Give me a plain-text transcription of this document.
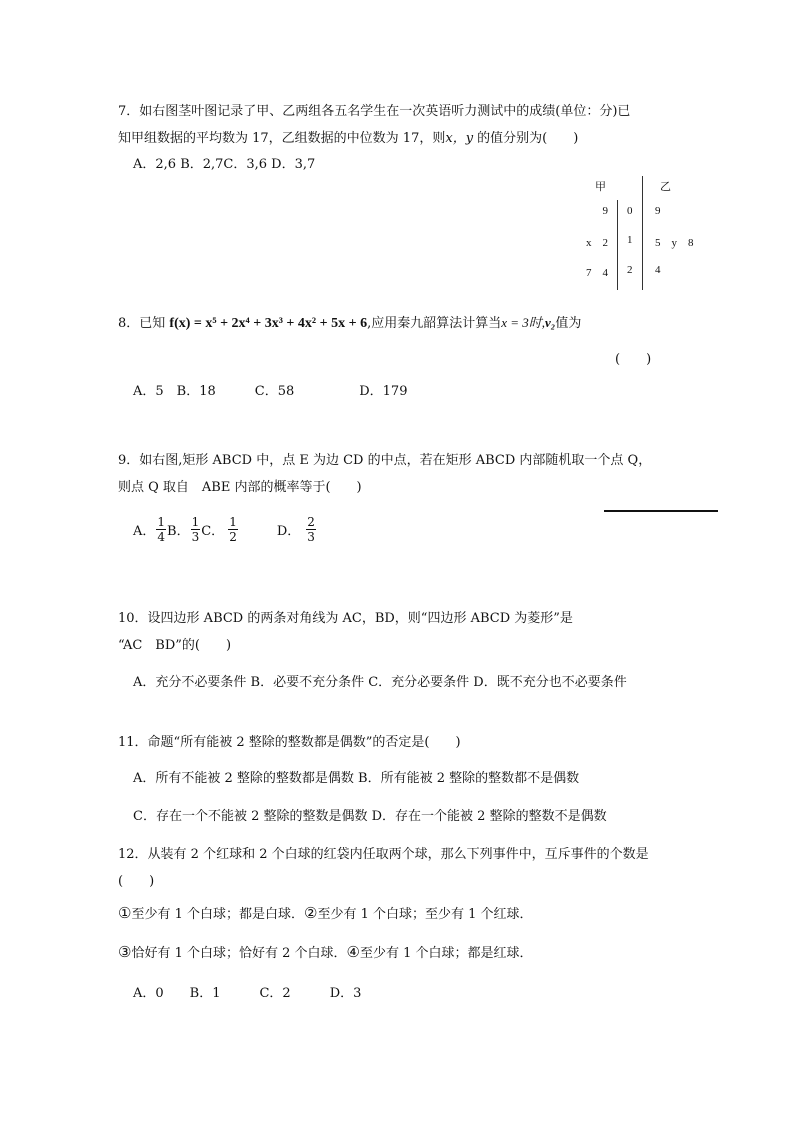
7．如右图茎叶图记录了甲、乙两组各五名学生在一次英语听力测试中的成绩(单位：分)已
知甲组数据的平均数为 17，乙组数据的中位数为 17，则x，y 的值分别为(　　)
A．2,6 B．2,7C．3,6 D．3,7
甲	乙
9 0 9
x　2 1 5　y　8
7　4 2 4
8．已知 f(x) = x⁵ + 2x⁴ + 3x³ + 4x² + 5x + 6,应用秦九韶算法计算当x = 3时,v₂值为
(　　)
A．5　B．18　　　C．58　　　　　D．179
9．如右图,矩形 ABCD 中，点 E 为边 CD 的中点，若在矩形 ABCD 内部随机取一个点 Q，
则点 Q 取自　ABE 内部的概率等于(　　)
A． $\frac{1}{4}$ B． $\frac{1}{3}$ C． $\frac{1}{2}$	D． $\frac{2}{3}$
10．设四边形 ABCD 的两条对角线为 AC，BD，则“四边形 ABCD 为菱形”是
“AC　BD”的(　　)
A．充分不必要条件 B．必要不充分条件 C．充分必要条件 D．既不充分也不必要条件
11．命题“所有能被 2 整除的整数都是偶数”的否定是(　　)
A．所有不能被 2 整除的整数都是偶数 B．所有能被 2 整除的整数都不是偶数
C．存在一个不能被 2 整除的整数是偶数 D．存在一个能被 2 整除的整数不是偶数
12．从装有 2 个红球和 2 个白球的红袋内任取两个球，那么下列事件中，互斥事件的个数是
(　　)
①至少有 1 个白球；都是白球．②至少有 1 个白球；至少有 1 个红球．
③恰好有 1 个白球；恰好有 2 个白球．④至少有 1 个白球；都是红球．
A．0　　B．1　　　C．2　　　D．3
